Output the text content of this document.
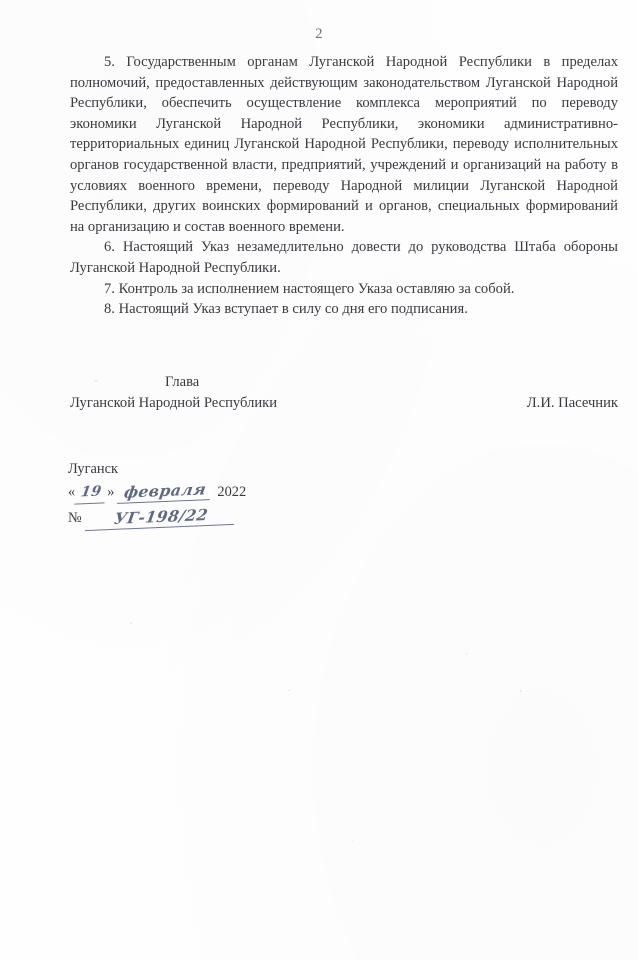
2

5. Государственным органам Луганской Народной Республики в пределах полномочий, предоставленных действующим законодательством Луганской Народной Республики, обеспечить осуществление комплекса мероприятий по переводу экономики Луганской Народной Республики, экономики административно-территориальных единиц Луганской Народной Республики, переводу исполнительных органов государственной власти, предприятий, учреждений и организаций на работу в условиях военного времени, переводу Народной милиции Луганской Народной Республики, других воинских формирований и органов, специальных формирований на организацию и состав военного времени.

6. Настоящий Указ незамедлительно довести до руководства Штаба обороны Луганской Народной Республики.

7. Контроль за исполнением настоящего Указа оставляю за собой.

8. Настоящий Указ вступает в силу со дня его подписания.

Глава
Луганской Народной Республики	Л.И. Пасечник
Луганск
« 19 » февраля 2022
№	УГ-198/22
